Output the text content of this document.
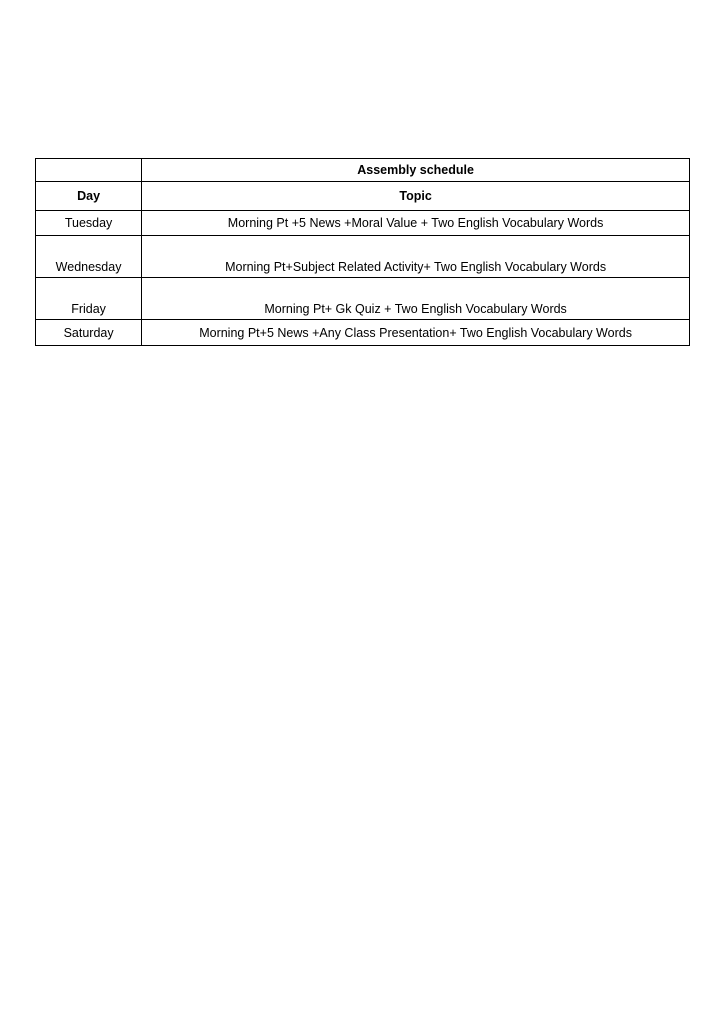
	Assembly schedule
Day	Topic
Tuesday	Morning Pt +5 News +Moral Value + Two English Vocabulary Words
Wednesday	Morning Pt+Subject Related Activity+ Two English Vocabulary Words
Friday	Morning Pt+ Gk Quiz + Two English Vocabulary Words
Saturday	Morning Pt+5 News +Any Class Presentation+ Two English Vocabulary Words
